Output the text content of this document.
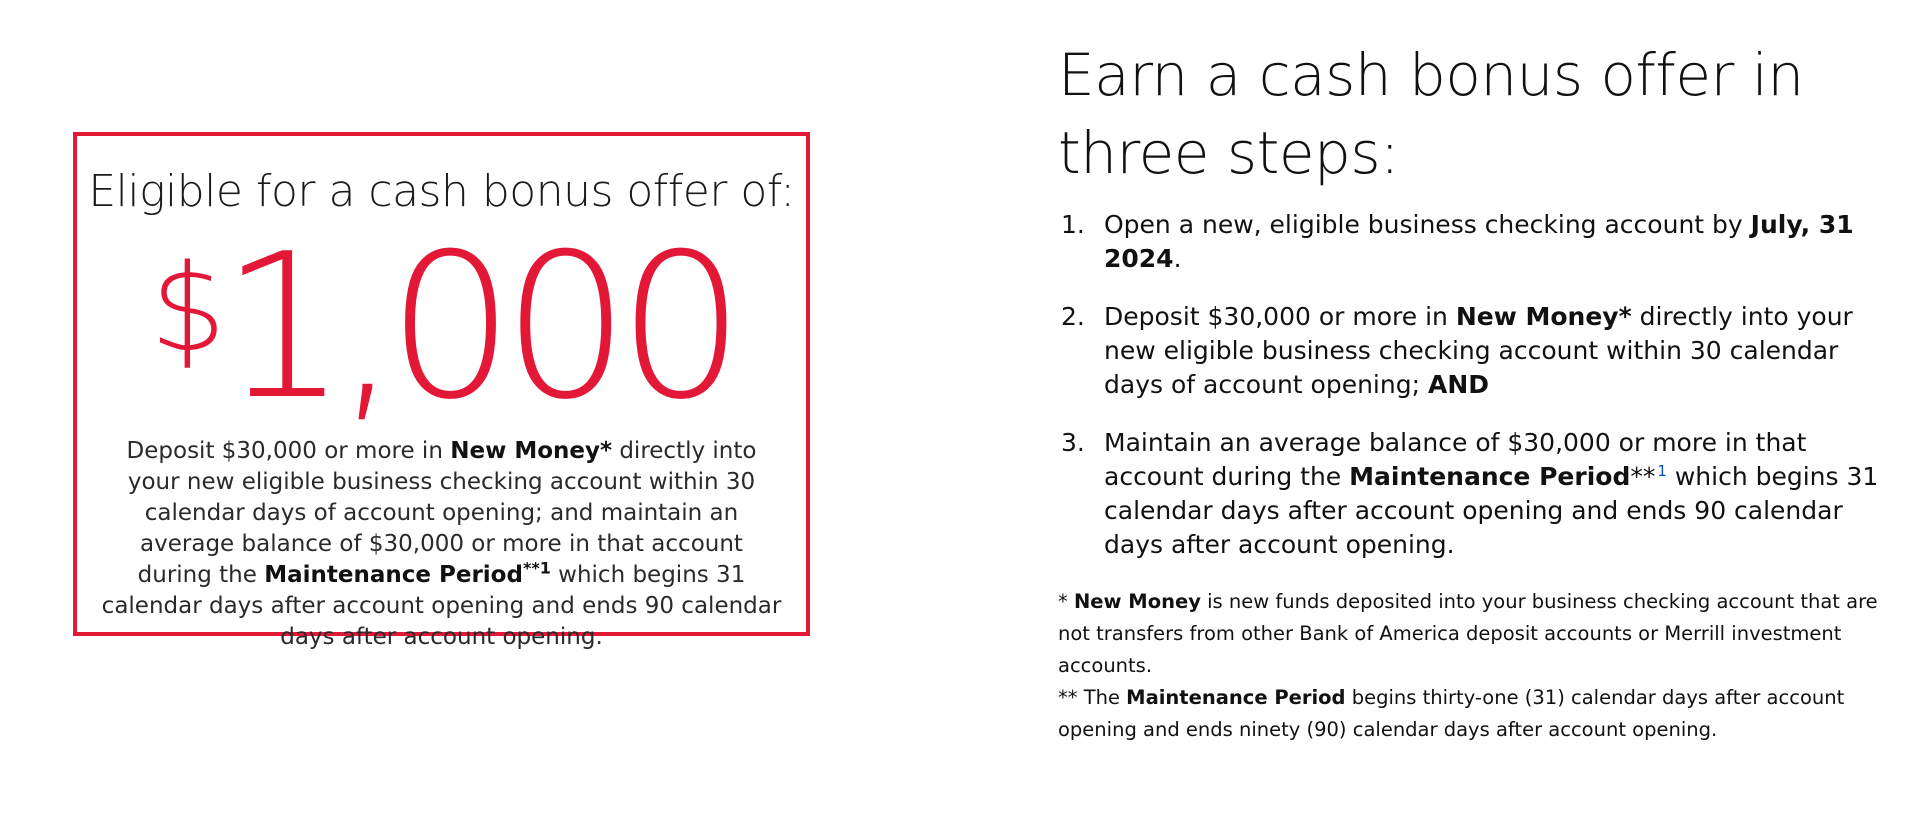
Eligible for a cash bonus offer of:
$1,000

Deposit $30,000 or more in New Money* directly into your new eligible business checking account within 30 calendar days of account opening; and maintain an average balance of $30,000 or more in that account during the Maintenance Period$^{**1}$ which begins 31 calendar days after account opening and ends 90 calendar days after account opening.

Earn a cash bonus offer in three steps:
1. Open a new, eligible business checking account by July, 31 2024.
2. Deposit $30,000 or more in New Money* directly into your new eligible business checking account within 30 calendar days of account opening; AND
3. Maintain an average balance of $30,000 or more in that account during the Maintenance Period** $^1$ which begins 31 calendar days after account opening and ends 90 calendar days after account opening.

* New Money is new funds deposited into your business checking account that are not transfers from other Bank of America deposit accounts or Merrill investment accounts.

** The Maintenance Period begins thirty-one (31) calendar days after account opening and ends ninety (90) calendar days after account opening.
